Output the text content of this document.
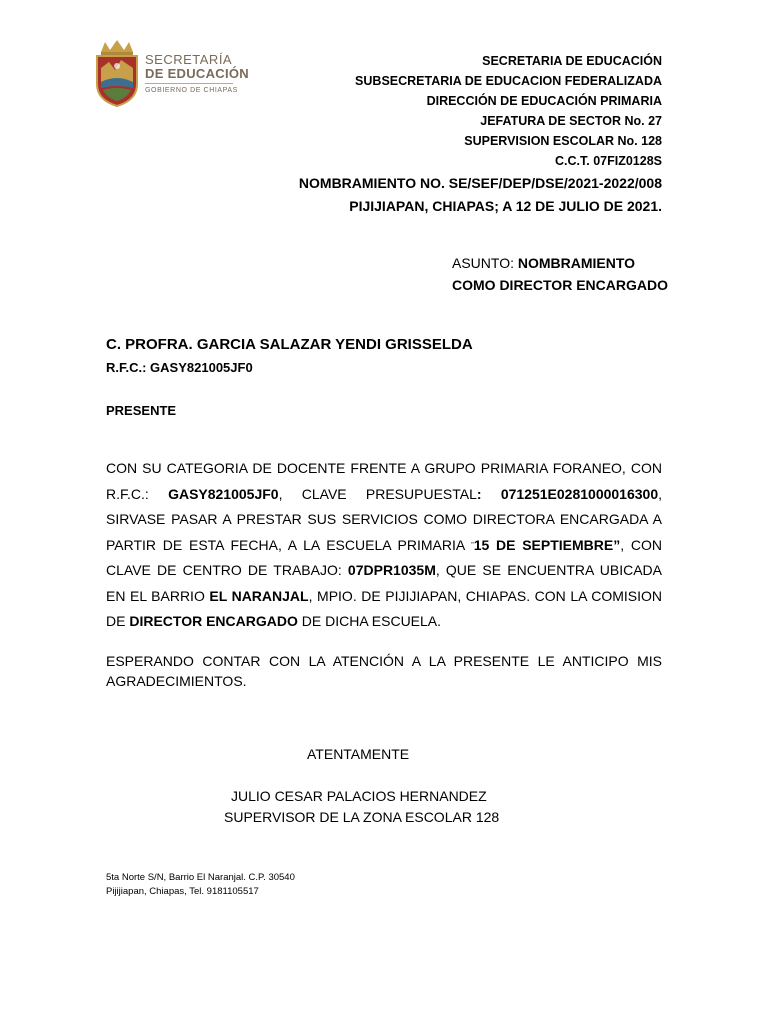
SECRETARÍA
DE EDUCACIÓN
GOBIERNO DE CHIAPAS
SECRETARIA DE EDUCACIÓN
SUBSECRETARIA DE EDUCACION FEDERALIZADA
DIRECCIÓN DE EDUCACIÓN PRIMARIA
JEFATURA DE SECTOR No. 27
SUPERVISION ESCOLAR No. 128
C.C.T. 07FIZ0128S
NOMBRAMIENTO NO. SE/SEF/DEP/DSE/2021-2022/008
PIJIJIAPAN, CHIAPAS; A 12 DE JULIO DE 2021.
ASUNTO: NOMBRAMIENTO
COMO DIRECTOR ENCARGADO
C. PROFRA. GARCIA SALAZAR YENDI GRISSELDA
R.F.C.: GASY821005JF0
PRESENTE
CON SU CATEGORIA DE DOCENTE FRENTE A GRUPO PRIMARIA FORANEO, CON R.F.C.: GASY821005JF0, CLAVE PRESUPUESTAL: 071251E0281000016300, SIRVASE PASAR A PRESTAR SUS SERVICIOS COMO DIRECTORA ENCARGADA A PARTIR DE ESTA FECHA, A LA ESCUELA PRIMARIA "15 DE SEPTIEMBRE”, CON CLAVE DE CENTRO DE TRABAJO: 07DPR1035M, QUE SE ENCUENTRA UBICADA EN EL BARRIO EL NARANJAL, MPIO. DE PIJIJIAPAN, CHIAPAS. CON LA COMISION DE DIRECTOR ENCARGADO DE DICHA ESCUELA.
ESPERANDO CONTAR CON LA ATENCIÓN A LA PRESENTE LE ANTICIPO MIS AGRADECIMIENTOS.
ATENTAMENTE
JULIO CESAR PALACIOS HERNANDEZ
SUPERVISOR DE LA ZONA ESCOLAR 128
5ta Norte S/N, Barrio El Naranjal. C.P. 30540
Pijijiapan, Chiapas, Tel. 9181105517
